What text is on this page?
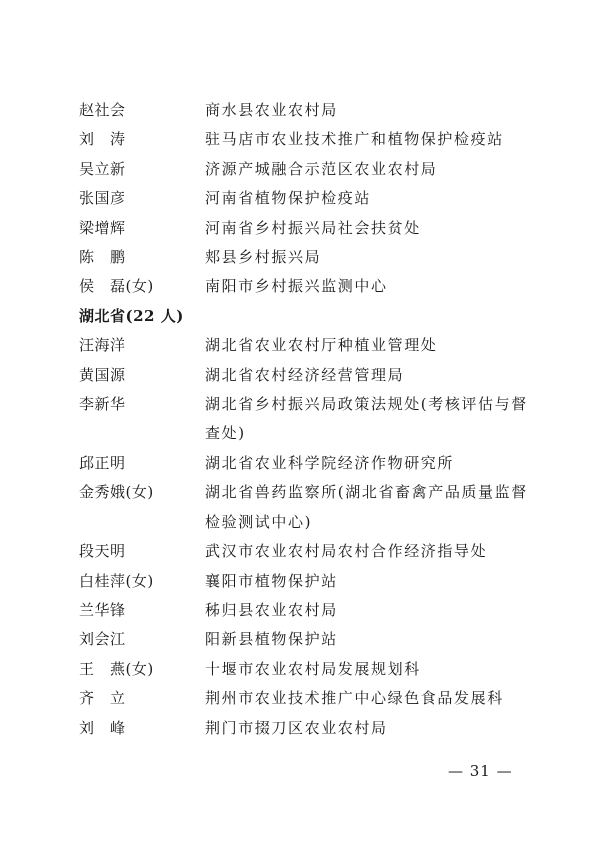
赵社会	商水县农业农村局
刘　涛	驻马店市农业技术推广和植物保护检疫站
吴立新	济源产城融合示范区农业农村局
张国彦	河南省植物保护检疫站
梁增辉	河南省乡村振兴局社会扶贫处
陈　鹏	郏县乡村振兴局
侯　磊(女)	南阳市乡村振兴监测中心
湖北省(22 人)
汪海洋	湖北省农业农村厅种植业管理处
黄国源	湖北省农村经济经营管理局
李新华	湖北省乡村振兴局政策法规处(考核评估与督查处)
邱正明	湖北省农业科学院经济作物研究所
金秀娥(女)	湖北省兽药监察所(湖北省畜禽产品质量监督检验测试中心)
段天明	武汉市农业农村局农村合作经济指导处
白桂萍(女)	襄阳市植物保护站
兰华锋	秭归县农业农村局
刘会江	阳新县植物保护站
王　燕(女)	十堰市农业农村局发展规划科
齐　立	荆州市农业技术推广中心绿色食品发展科
刘　峰	荆门市掇刀区农业农村局
— 31 —
